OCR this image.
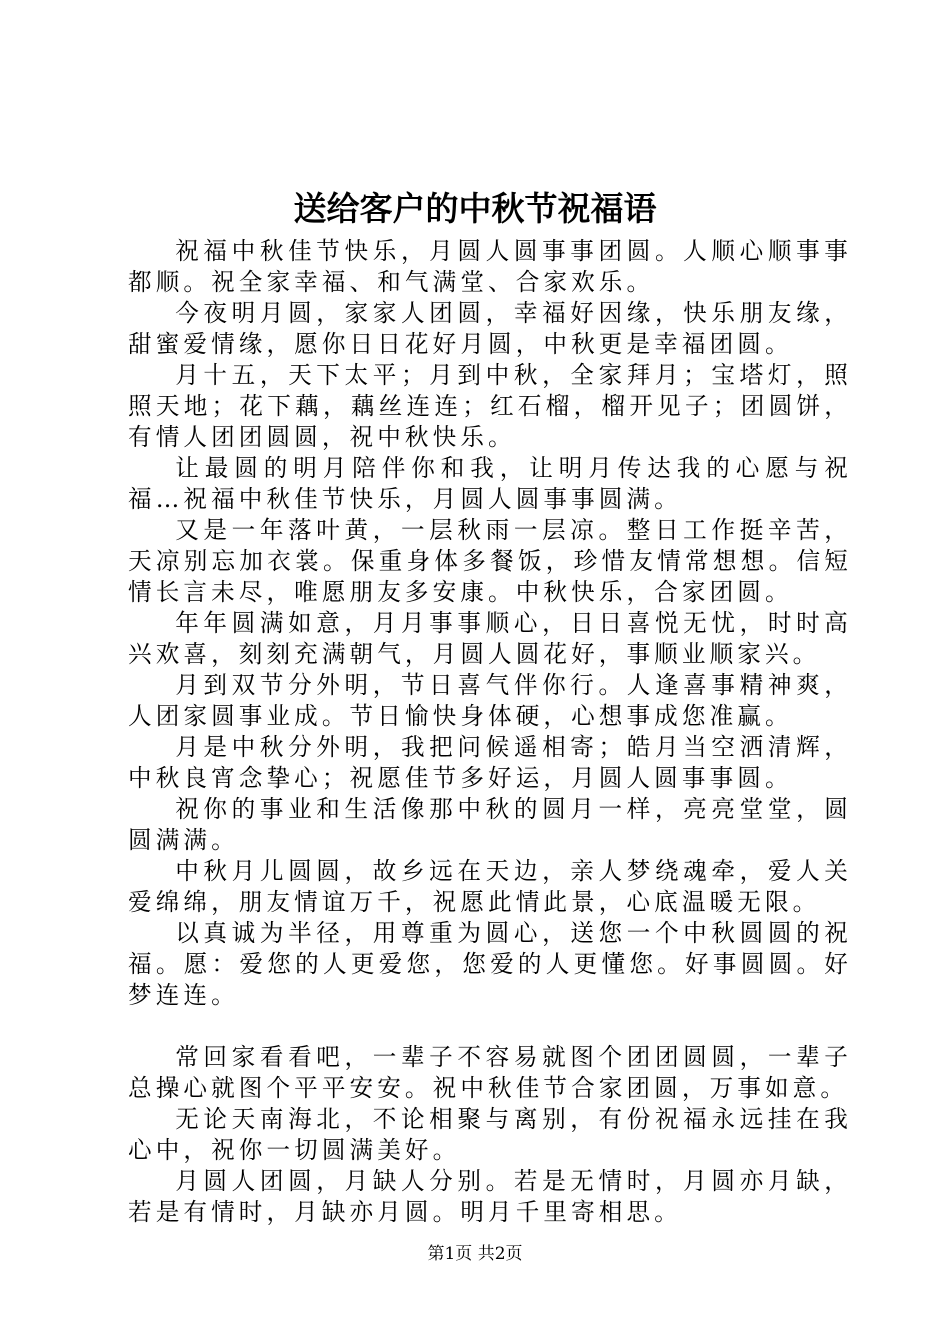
送给客户的中秋节祝福语

祝福中秋佳节快乐，月圆人圆事事团圆。人顺心顺事事都顺。祝全家幸福、和气满堂、合家欢乐。

今夜明月圆，家家人团圆，幸福好因缘，快乐朋友缘，甜蜜爱情缘，愿你日日花好月圆，中秋更是幸福团圆。

月十五，天下太平；月到中秋，全家拜月；宝塔灯，照照天地；花下藕，藕丝连连；红石榴，榴开见子；团圆饼，有情人团团圆圆，祝中秋快乐。

让最圆的明月陪伴你和我，让明月传达我的心愿与祝福…祝福中秋佳节快乐，月圆人圆事事圆满。

又是一年落叶黄，一层秋雨一层凉。整日工作挺辛苦，天凉别忘加衣裳。保重身体多餐饭，珍惜友情常想想。信短情长言未尽，唯愿朋友多安康。中秋快乐，合家团圆。

年年圆满如意，月月事事顺心，日日喜悦无忧，时时高兴欢喜，刻刻充满朝气，月圆人圆花好，事顺业顺家兴。

月到双节分外明，节日喜气伴你行。人逢喜事精神爽，人团家圆事业成。节日愉快身体硬，心想事成您准赢。

月是中秋分外明，我把问候遥相寄；皓月当空洒清辉，中秋良宵念挚心；祝愿佳节多好运，月圆人圆事事圆。

祝你的事业和生活像那中秋的圆月一样，亮亮堂堂，圆圆满满。

中秋月儿圆圆，故乡远在天边，亲人梦绕魂牵，爱人关爱绵绵，朋友情谊万千，祝愿此情此景，心底温暖无限。

以真诚为半径，用尊重为圆心，送您一个中秋圆圆的祝福。愿：爱您的人更爱您，您爱的人更懂您。好事圆圆。好梦连连。

常回家看看吧，一辈子不容易就图个团团圆圆，一辈子总操心就图个平平安安。祝中秋佳节合家团圆，万事如意。

无论天南海北，不论相聚与离别，有份祝福永远挂在我心中，祝你一切圆满美好。

月圆人团圆，月缺人分别。若是无情时，月圆亦月缺，若是有情时，月缺亦月圆。明月千里寄相思。

第1页 共2页
